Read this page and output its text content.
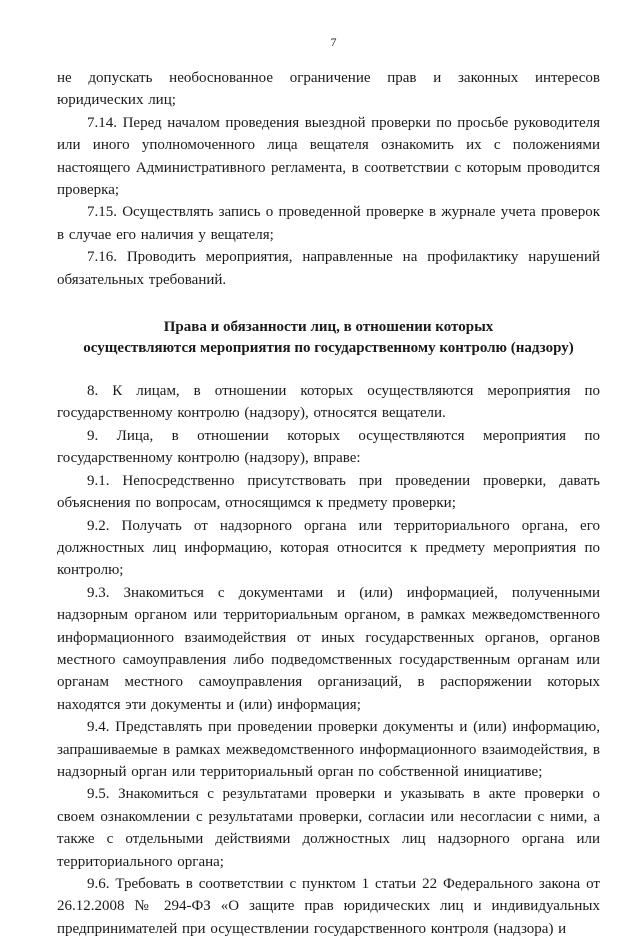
7

не допускать необоснованное ограничение прав и законных интересов юридических лиц;

7.14. Перед началом проведения выездной проверки по просьбе руководителя или иного уполномоченного лица вещателя ознакомить их с положениями настоящего Административного регламента, в соответствии с которым проводится проверка;

7.15. Осуществлять запись о проведенной проверке в журнале учета проверок в случае его наличия у вещателя;

7.16. Проводить мероприятия, направленные на профилактику нарушений обязательных требований.

Права и обязанности лиц, в отношении которых
осуществляются мероприятия по государственному контролю (надзору)

8. К лицам, в отношении которых осуществляются мероприятия по государственному контролю (надзору), относятся вещатели.

9. Лица, в отношении которых осуществляются мероприятия по государственному контролю (надзору), вправе:

9.1. Непосредственно присутствовать при проведении проверки, давать объяснения по вопросам, относящимся к предмету проверки;

9.2. Получать от надзорного органа или территориального органа, его должностных лиц информацию, которая относится к предмету мероприятия по контролю;

9.3. Знакомиться с документами и (или) информацией, полученными надзорным органом или территориальным органом, в рамках межведомственного информационного взаимодействия от иных государственных органов, органов местного самоуправления либо подведомственных государственным органам или органам местного самоуправления организаций, в распоряжении которых находятся эти документы и (или) информация;

9.4. Представлять при проведении проверки документы и (или) информацию, запрашиваемые в рамках межведомственного информационного взаимодействия, в надзорный орган или территориальный орган по собственной инициативе;

9.5. Знакомиться с результатами проверки и указывать в акте проверки о своем ознакомлении с результатами проверки, согласии или несогласии с ними, а также с отдельными действиями должностных лиц надзорного органа или территориального органа;

9.6. Требовать в соответствии с пунктом 1 статьи 22 Федерального закона от 26.12.2008 № 294-ФЗ «О защите прав юридических лиц и индивидуальных предпринимателей при осуществлении государственного контроля (надзора) и
